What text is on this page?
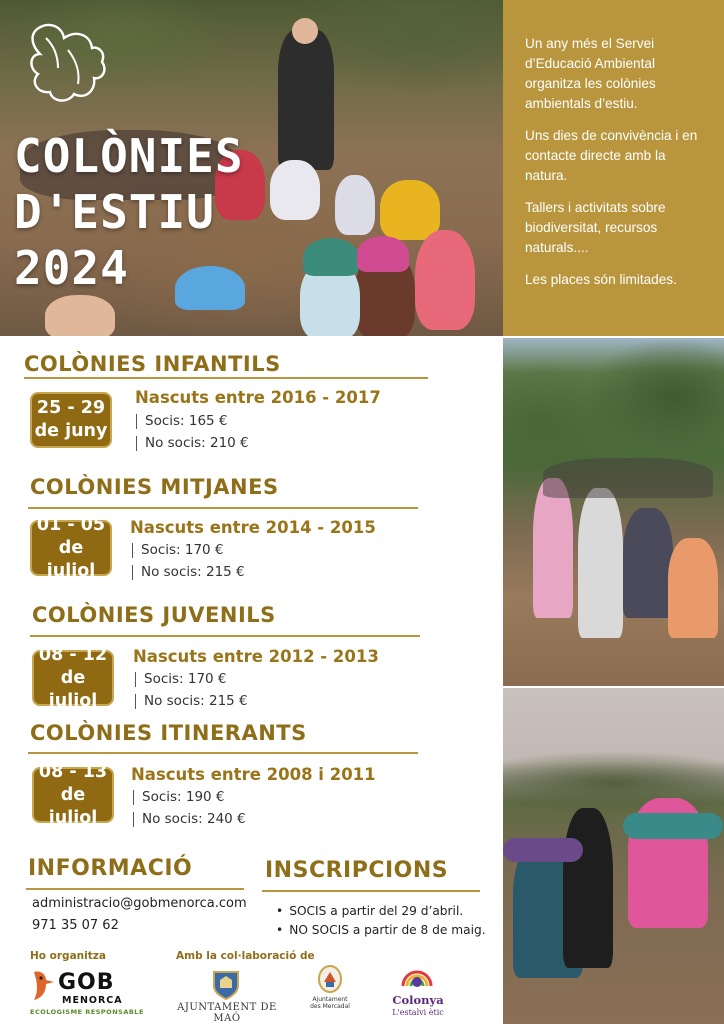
COLÒNIES
D'ESTIU
2024

Un any més el Servei d’Educació Ambiental organitza les colònies ambientals d’estiu.

Uns dies de convivència i en contacte directe amb la natura.

Tallers i activitats sobre biodiversitat, recursos naturals....

Les places són limitades.

COLÒNIES INFANTILS
25 - 29
de juny
Nascuts entre 2016 - 2017
Socis: 165 €
No socis: 210 €
COLÒNIES MITJANES
01 - 05
de juliol
Nascuts entre 2014 - 2015
Socis: 170 €
No socis: 215 €
COLÒNIES JUVENILS
08 - 12
de juliol
Nascuts entre 2012 - 2013
Socis: 170 €
No socis: 215 €
COLÒNIES ITINERANTS
08 - 13
de juliol
Nascuts entre 2008 i 2011
Socis: 190 €
No socis: 240 €
INFORMACIÓ
administracio@gobmenorca.com
971 35 07 62
INSCRIPCIONS
• SOCIS a partir del 29 d’abril.
• NO SOCIS a partir de 8 de maig.
Ho organitza	Amb la col·laboració de
GOB
MENORCA
ECOLOGISME RESPONSABLE	AJUNTAMENT DE MAÓ
Ajuntament
des Mercadal	Colonya
L'estalvi ètic
